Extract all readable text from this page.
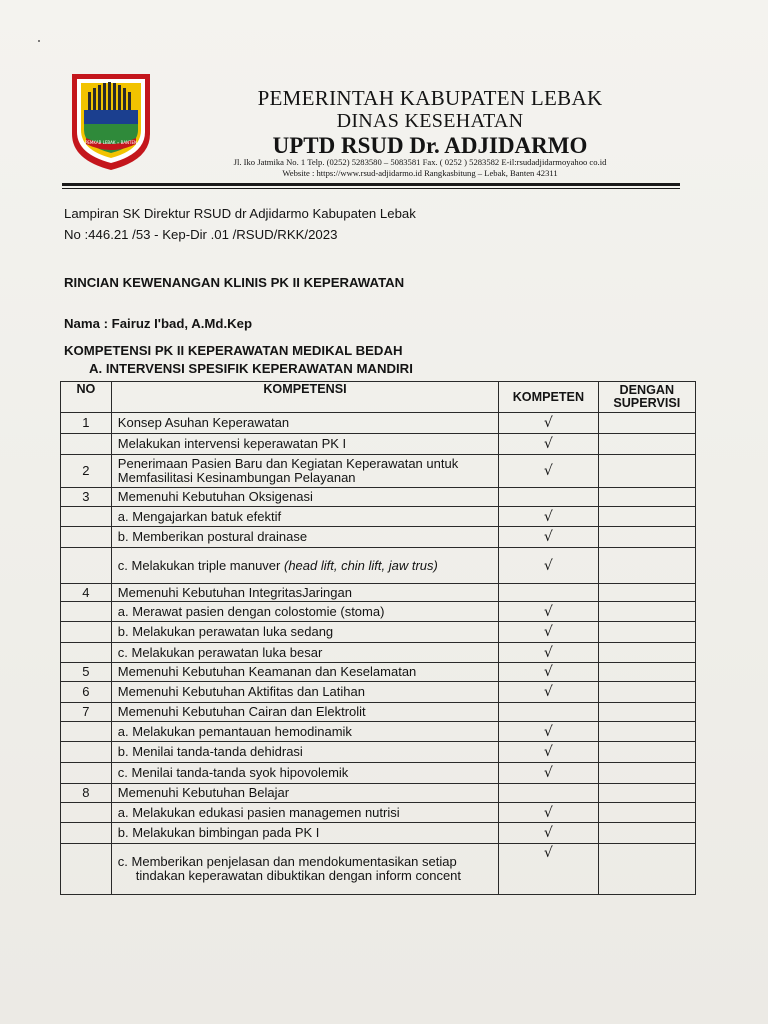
PEMKAB LEBAK ∙ BANTEN
PEMERINTAH KABUPATEN LEBAK
DINAS KESEHATAN
UPTD RSUD Dr. ADJIDARMO
Jl. Iko Jatmika No. 1 Telp. (0252) 5283580 – 5083581 Fax. ( 0252 ) 5283582 E-il:rsudadjidarmoyahoo co.id
Website : https://www.rsud-adjidarmo.id Rangkasbitung – Lebak, Banten 42311
Lampiran SK Direktur RSUD dr Adjidarmo Kabupaten Lebak
No :446.21 /53 - Kep-Dir .01 /RSUD/RKK/2023
RINCIAN KEWENANGAN KLINIS PK II KEPERAWATAN
Nama : Fairuz I'bad, A.Md.Kep
KOMPETENSI PK II KEPERAWATAN MEDIKAL BEDAH
A. INTERVENSI SPESIFIK KEPERAWATAN MANDIRI
NO	KOMPETENSI	KOMPETEN	DENGAN
SUPERVISI
1	Konsep Asuhan Keperawatan	√	
	Melakukan intervensi keperawatan PK I	√	
2	Penerimaan Pasien Baru dan Kegiatan Keperawatan untuk Memfasilitasi Kesinambungan Pelayanan	√	
3	Memenuhi Kebutuhan Oksigenasi		

	a. Mengajarkan batuk efektif	√	

	b. Memberikan postural drainase	√	

	c. Melakukan triple manuver (head lift, chin lift, jaw trus)	√	
4	Memenuhi Kebutuhan IntegritasJaringan		

	a. Merawat pasien dengan colostomie (stoma)	√	

	b. Melakukan perawatan luka sedang	√	

	c. Melakukan perawatan luka besar	√	
5	Memenuhi Kebutuhan Keamanan dan Keselamatan	√	
6	Memenuhi Kebutuhan Aktifitas dan Latihan	√	
7	Memenuhi Kebutuhan Cairan dan Elektrolit		

	a. Melakukan pemantauan hemodinamik	√	

	b. Menilai tanda-tanda dehidrasi	√	

	c. Menilai tanda-tanda syok hipovolemik	√	
8	Memenuhi Kebutuhan Belajar		

	a. Melakukan edukasi pasien managemen nutrisi	√	

	b. Melakukan bimbingan pada PK I	√	

	c. Memberikan penjelasan dan mendokumentasikan setiap tindakan keperawatan dibuktikan dengan inform concent	√	
